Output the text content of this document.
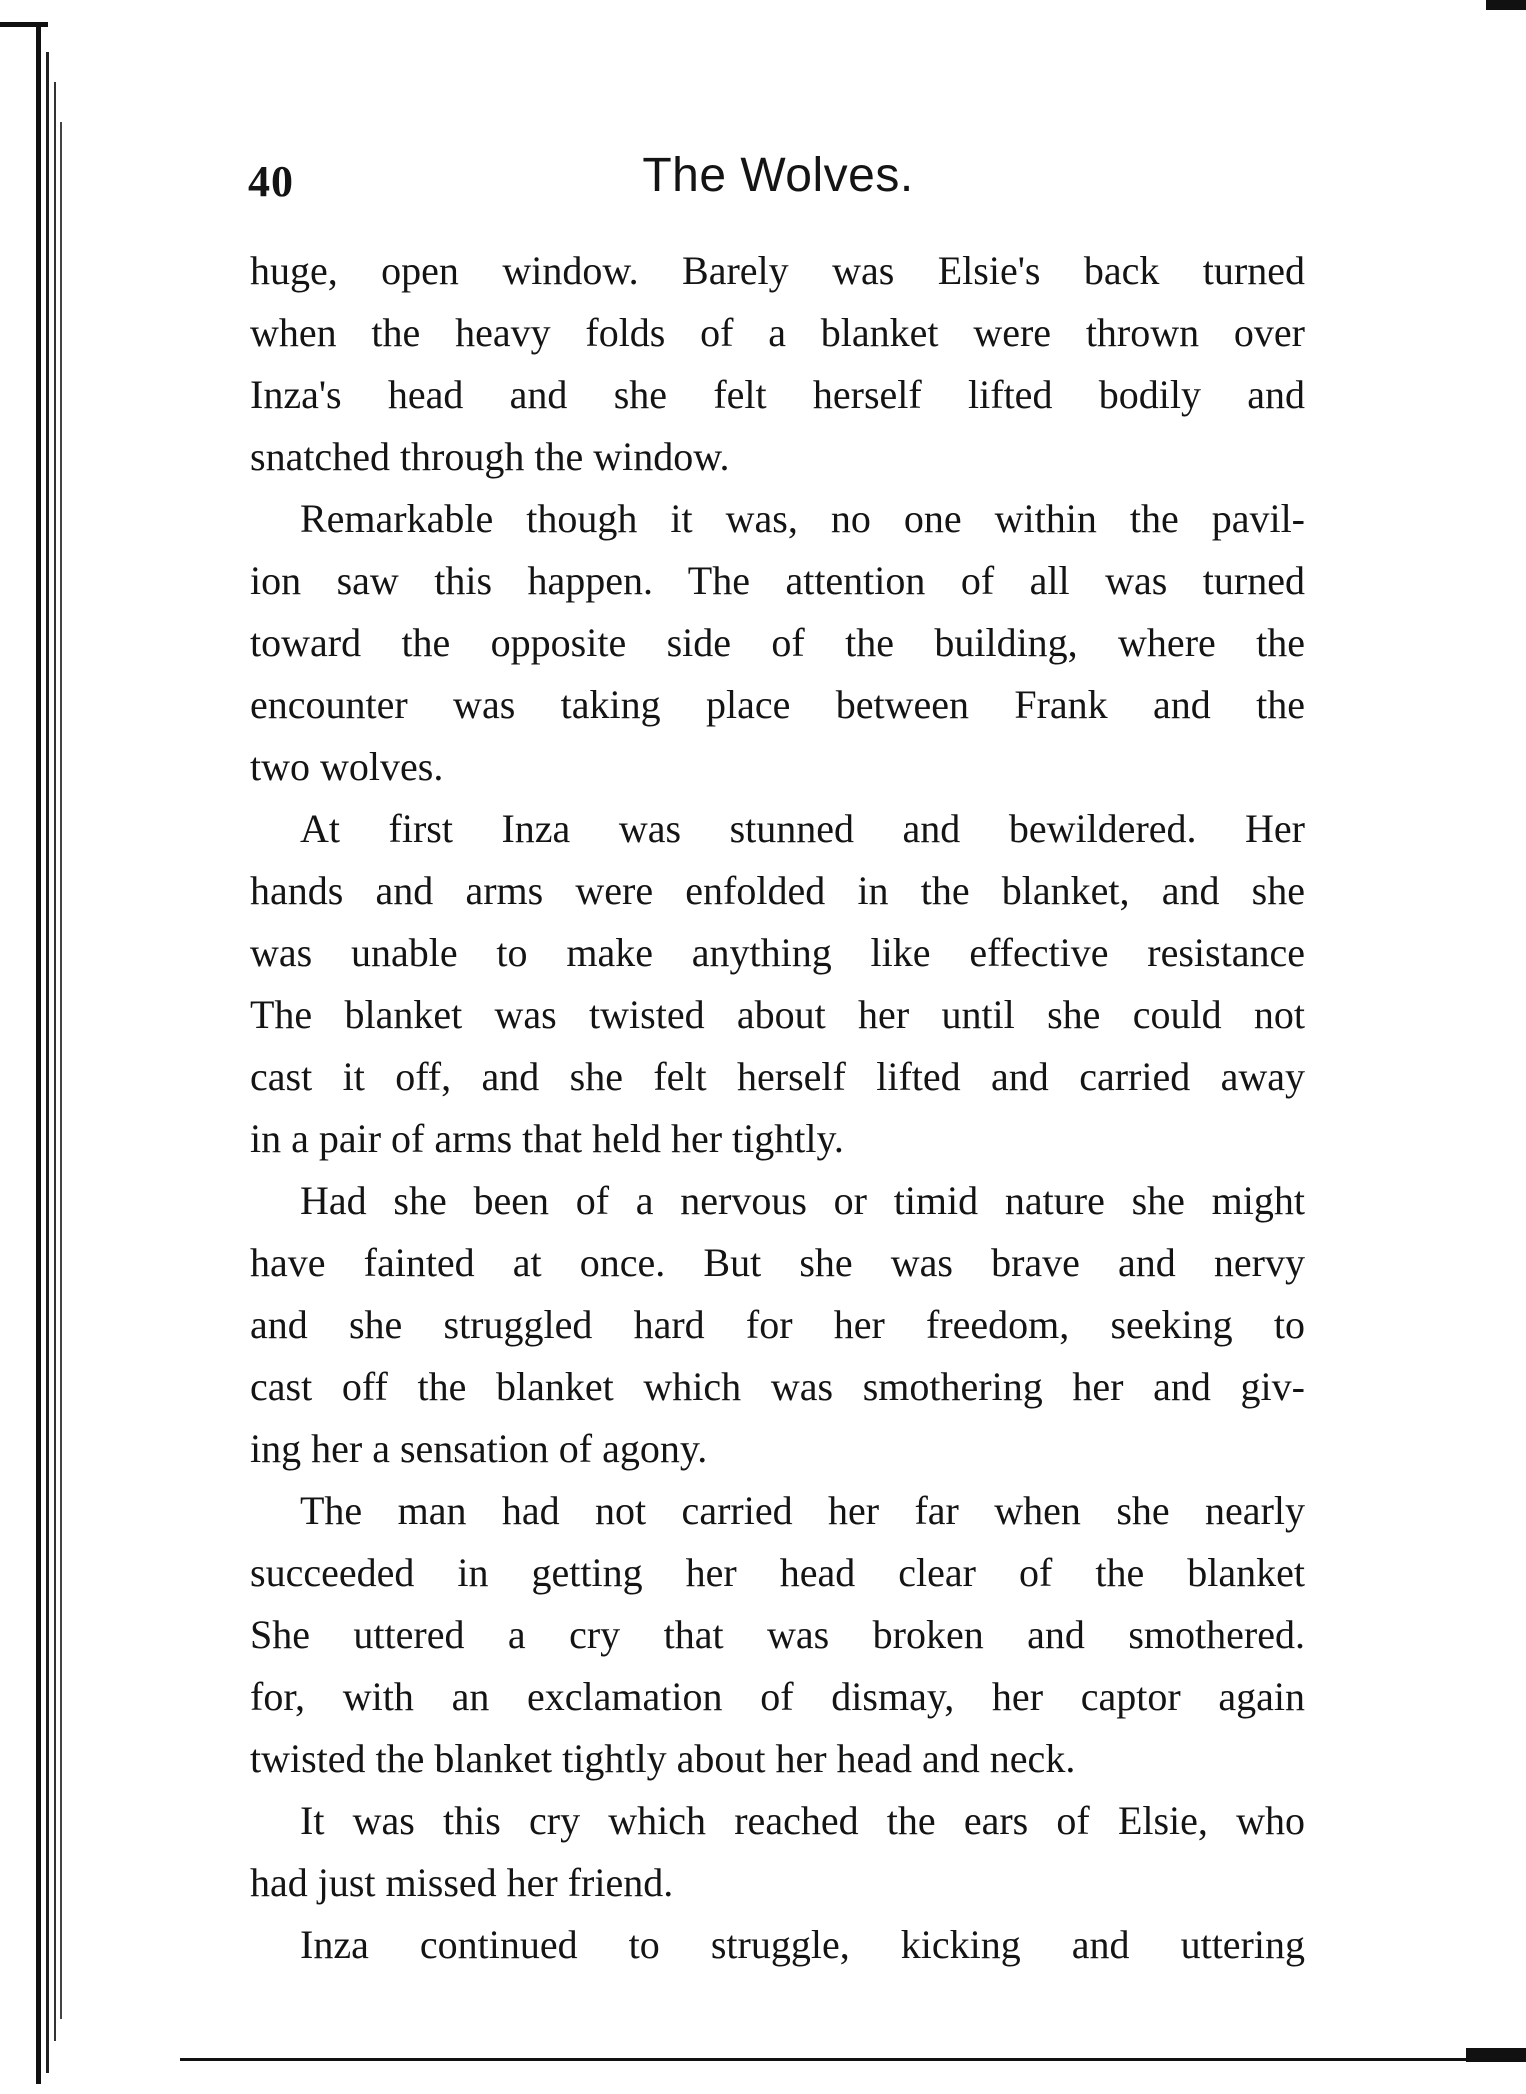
40	The Wolves.
huge, open window. Barely was Elsie's back turned
when the heavy folds of a blanket were thrown over
Inza's head and she felt herself lifted bodily and
snatched through the window.
Remarkable though it was, no one within the pavil-
ion saw this happen. The attention of all was turned
toward the opposite side of the building, where the
encounter was taking place between Frank and the
two wolves.
At first Inza was stunned and bewildered. Her
hands and arms were enfolded in the blanket, and she
was unable to make anything like effective resistance
The blanket was twisted about her until she could not
cast it off, and she felt herself lifted and carried away
in a pair of arms that held her tightly.
Had she been of a nervous or timid nature she might
have fainted at once. But she was brave and nervy
and she struggled hard for her freedom, seeking to
cast off the blanket which was smothering her and giv-
ing her a sensation of agony.
The man had not carried her far when she nearly
succeeded in getting her head clear of the blanket
She uttered a cry that was broken and smothered.
for, with an exclamation of dismay, her captor again
twisted the blanket tightly about her head and neck.
It was this cry which reached the ears of Elsie, who
had just missed her friend.
Inza continued to struggle, kicking and uttering
